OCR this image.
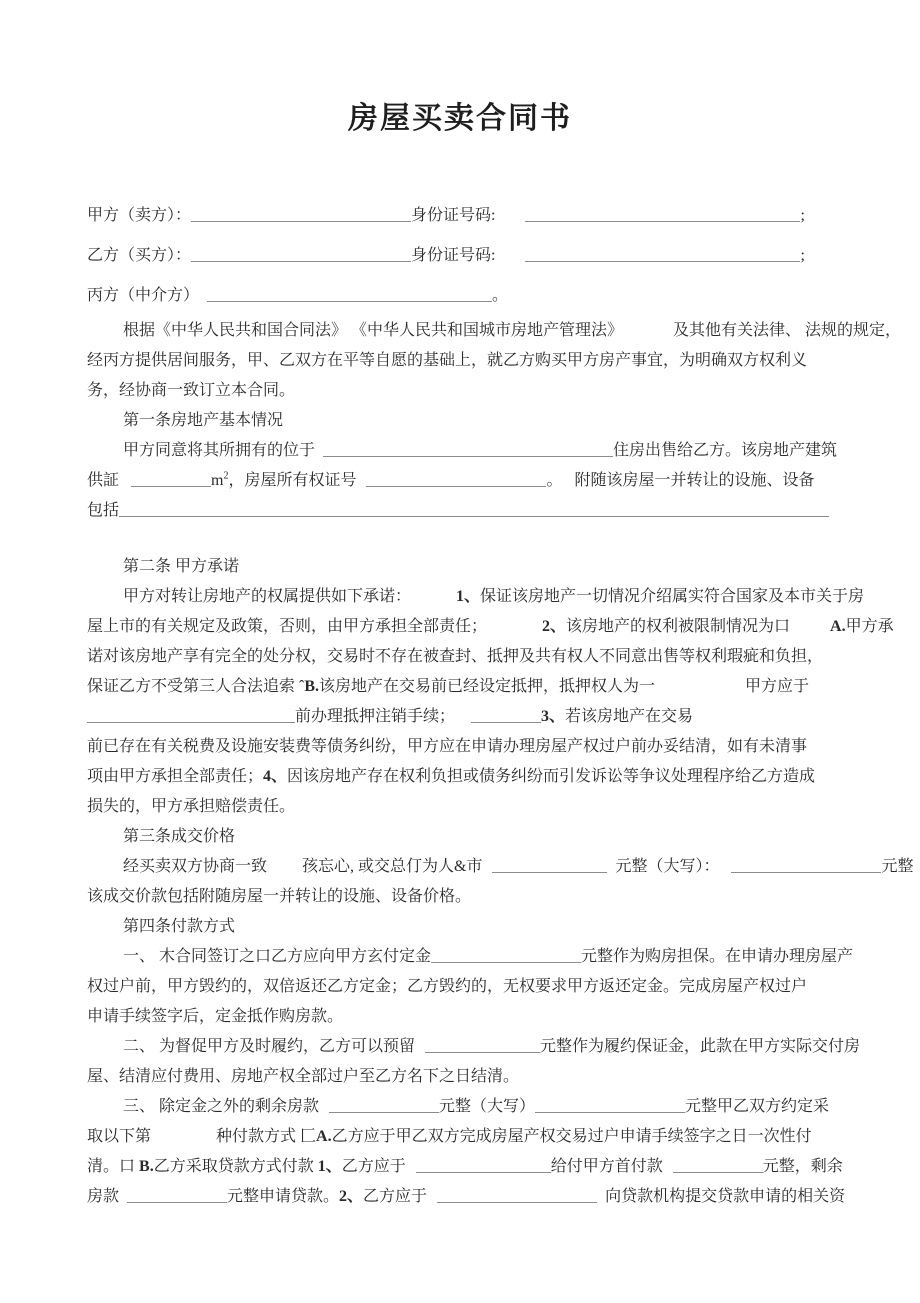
房屋买卖合同书
甲方（卖方）：	身份证号码:	;
乙方（买方）：	身份证号码:	;
丙方（中介方）	。
根据《中华人民共和国合同法》 《中华人民共和国城市房地产管理法》	及其他有关法律、 法规的规定，
经丙方提供居间服务，甲、乙双方在平等自愿的基础上，就乙方购买甲方房产事宜，为明确双方权利义
务，经协商一致订立本合同。
第一条房地产基本情况
甲方同意将其所拥有的位于	住房出售给乙方。该房地产建筑
供証	$m^2$，房屋所有权证号	。 附随该房屋一并转让的设施、设备
包括
第二条 甲方承诺
甲方对转让房地产的权属提供如下承诺：	1、保证该房地产一切情况介绍属实符合国家及本市关于房
屋上市的有关规定及政策，否则，由甲方承担全部责任；	2、该房地产的权利被限制情况为口	A.甲方承
诺对该房地产享有完全的处分权，交易时不存在被查封、抵押及共有权人不同意出售等权利瑕疵和负担，
保证乙方不受第三人合法追索 ˆB.该房地产在交易前已经设定抵押，抵押权人为一	甲方应于
前办理抵押注销手续；	3、若该房地产在交易
前已存在有关税费及设施安装费等债务纠纷，甲方应在申请办理房屋产权过户前办妥结清，如有未清事
项由甲方承担全部责任；4、因该房地产存在权利负担或债务纠纷而引发诉讼等争议处理程序给乙方造成
损失的，甲方承担赔偿责任。
第三条成交价格
经买卖双方协商一致 孩忘心, 或交总仃为人&市	元整（大写）：	元整
该成交价款包括附随房屋一并转让的设施、设备价格。
第四条付款方式
一、 木合同签订之口乙方应向甲方玄付定金	元整作为购房担保。在申请办理房屋产
权过户前，甲方毁约的，双倍返还乙方定金；乙方毁约的，无权要求甲方返还定金。完成房屋产权过户
申请手续签字后，定金抵作购房款。
二、 为督促甲方及时履约，乙方可以预留	元整作为履约保证金，此款在甲方实际交付房
屋、结清应付费用、房地产权全部过户至乙方名下之日结清。
三、 除定金之外的剩余房款	元整（大写）	元整甲乙双方约定采
取以下第	种付款方式 匚A.乙方应于甲乙双方完成房屋产权交易过户申请手续签字之日一次性付
清。口 B.乙方采取贷款方式付款 1、乙方应于	给付甲方首付款	元整，剩余
房款	元整申请贷款。2、乙方应于	向贷款机构提交贷款申请的相关资
